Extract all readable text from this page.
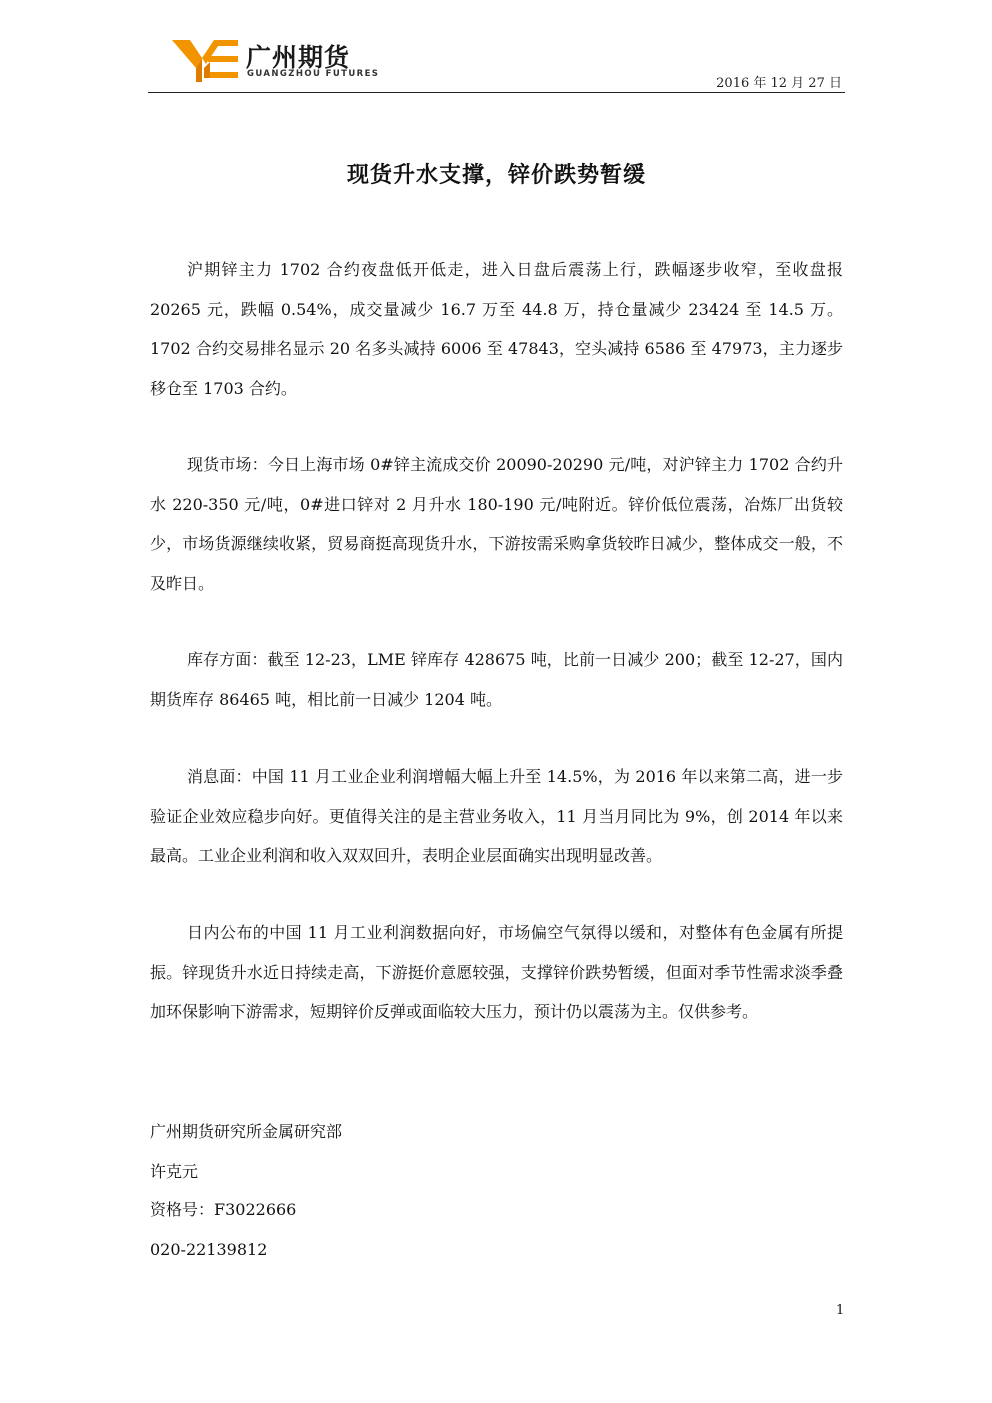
广州期货
GUANGZHOU FUTURES
2016 年 12 月 27 日
现货升水支撑，锌价跌势暂缓

沪期锌主力 1702 合约夜盘低开低走，进入日盘后震荡上行，跌幅逐步收窄，至收盘报 20265 元，跌幅 0.54%，成交量减少 16.7 万至 44.8 万，持仓量减少 23424 至 14.5 万。1702 合约交易排名显示 20 名多头减持 6006 至 47843，空头减持 6586 至 47973，主力逐步移仓至 1703 合约。

现货市场：今日上海市场 0#锌主流成交价 20090-20290 元/吨，对沪锌主力 1702 合约升水 220-350 元/吨，0#进口锌对 2 月升水 180-190 元/吨附近。锌价低位震荡，冶炼厂出货较少，市场货源继续收紧，贸易商挺高现货升水，下游按需采购拿货较昨日减少，整体成交一般，不及昨日。

库存方面：截至 12-23，LME 锌库存 428675 吨，比前一日减少 200；截至 12-27，国内期货库存 86465 吨，相比前一日减少 1204 吨。

消息面：中国 11 月工业企业利润增幅大幅上升至 14.5%，为 2016 年以来第二高，进一步验证企业效应稳步向好。更值得关注的是主营业务收入，11 月当月同比为 9%，创 2014 年以来最高。工业企业利润和收入双双回升，表明企业层面确实出现明显改善。

日内公布的中国 11 月工业利润数据向好，市场偏空气氛得以缓和，对整体有色金属有所提振。锌现货升水近日持续走高，下游挺价意愿较强，支撑锌价跌势暂缓，但面对季节性需求淡季叠加环保影响下游需求，短期锌价反弹或面临较大压力，预计仍以震荡为主。仅供参考。

广州期货研究所金属研究部
许克元
资格号：F3022666
020-22139812
1
